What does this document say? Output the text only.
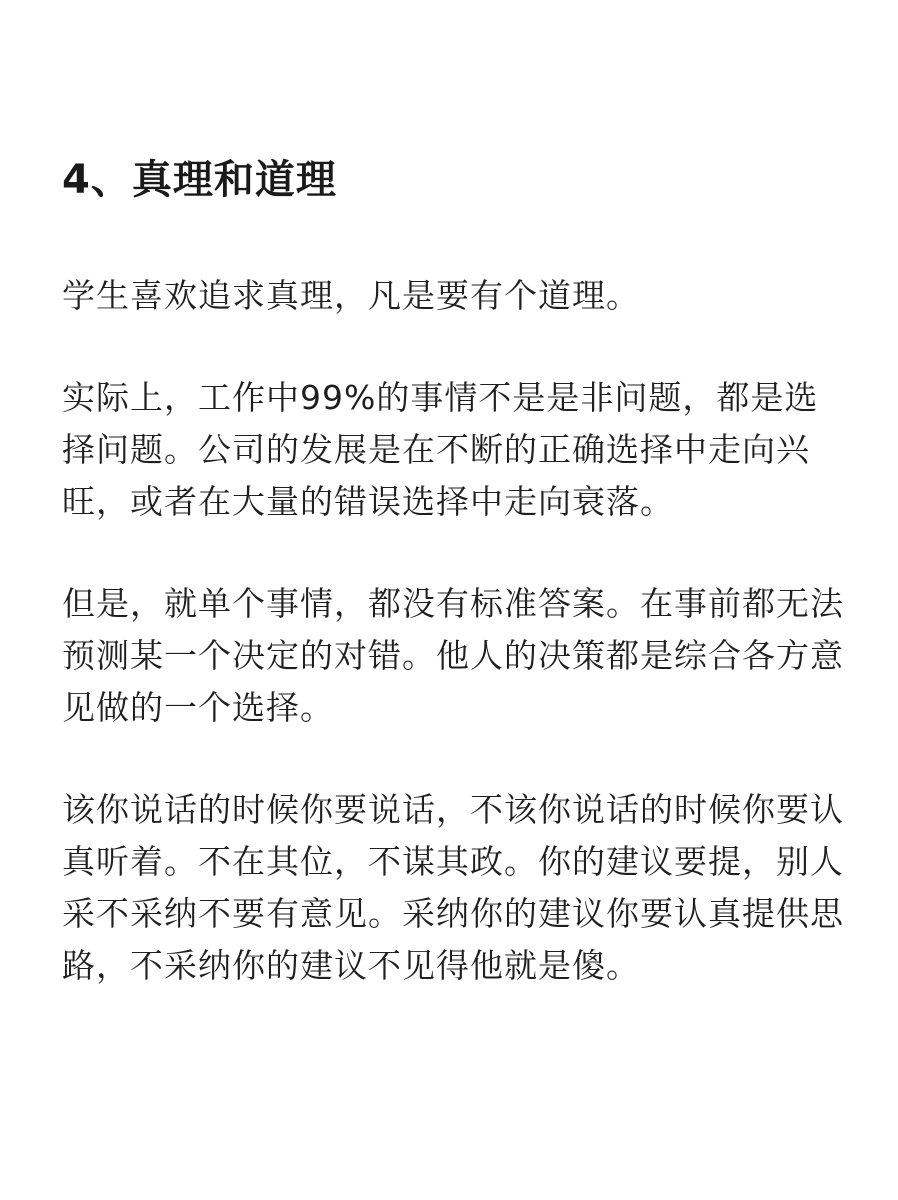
4、真理和道理

学生喜欢追求真理，凡是要有个道理。

实际上，工作中99%的事情不是是非问题，都是选择问题。公司的发展是在不断的正确选择中走向兴旺，或者在大量的错误选择中走向衰落。

但是，就单个事情，都没有标准答案。在事前都无法预测某一个决定的对错。他人的决策都是综合各方意见做的一个选择。

该你说话的时候你要说话，不该你说话的时候你要认真听着。不在其位，不谋其政。你的建议要提，别人采不采纳不要有意见。采纳你的建议你要认真提供思路，不采纳你的建议不见得他就是傻。
